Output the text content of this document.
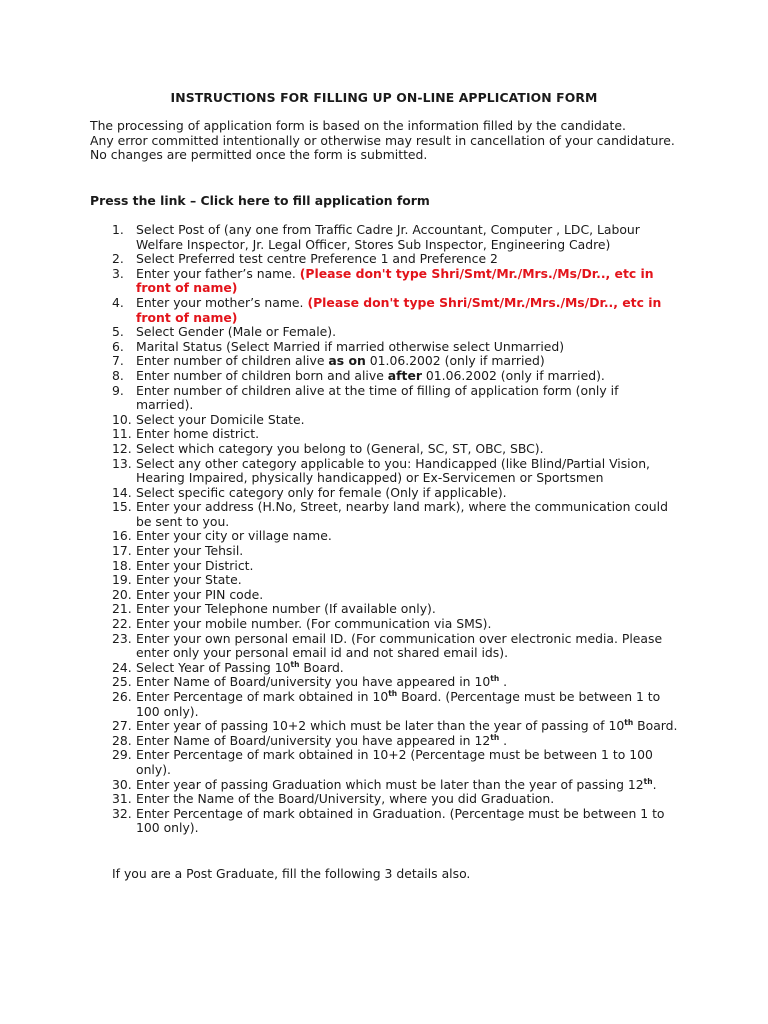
INSTRUCTIONS FOR FILLING UP ON-LINE APPLICATION FORM

The processing of application form is based on the information filled by the candidate.

Any error committed intentionally or otherwise may result in cancellation of your candidature.

No changes are permitted once the form is submitted.

Press the link – Click here to fill application form
1. Select Post of (any one from Traffic Cadre Jr. Accountant, Computer , LDC, Labour Welfare Inspector, Jr. Legal Officer, Stores Sub Inspector, Engineering Cadre)
2. Select Preferred test centre Preference 1 and Preference 2
3. Enter your father’s name. (Please don't type Shri/Smt/Mr./Mrs./Ms/Dr.., etc in front of name)
4. Enter your mother’s name. (Please don't type Shri/Smt/Mr./Mrs./Ms/Dr.., etc in front of name)
5. Select Gender (Male or Female).
6. Marital Status (Select Married if married otherwise select Unmarried)
7. Enter number of children alive as on 01.06.2002 (only if married)
8. Enter number of children born and alive after 01.06.2002 (only if married).
9. Enter number of children alive at the time of filling of application form (only if married).
10. Select your Domicile State.
11. Enter home district.
12. Select which category you belong to (General, SC, ST, OBC, SBC).
13. Select any other category applicable to you: Handicapped (like Blind/Partial Vision, Hearing Impaired, physically handicapped) or Ex-Servicemen or Sportsmen
14. Select specific category only for female (Only if applicable).
15. Enter your address (H.No, Street, nearby land mark), where the communication could be sent to you.
16. Enter your city or village name.
17. Enter your Tehsil.
18. Enter your District.
19. Enter your State.
20. Enter your PIN code.
21. Enter your Telephone number (If available only).
22. Enter your mobile number. (For communication via SMS).
23. Enter your own personal email ID. (For communication over electronic media. Please enter only your personal email id and not shared email ids).
24. Select Year of Passing 10th Board.
25. Enter Name of Board/university you have appeared in 10th .
26. Enter Percentage of mark obtained in 10th Board. (Percentage must be between 1 to 100 only).
27. Enter year of passing 10+2 which must be later than the year of passing of 10th Board.
28. Enter Name of Board/university you have appeared in 12th .
29. Enter Percentage of mark obtained in 10+2 (Percentage must be between 1 to 100 only).
30. Enter year of passing Graduation which must be later than the year of passing 12th.
31. Enter the Name of the Board/University, where you did Graduation.
32. Enter Percentage of mark obtained in Graduation. (Percentage must be between 1 to 100 only).
If you are a Post Graduate, fill the following 3 details also.
